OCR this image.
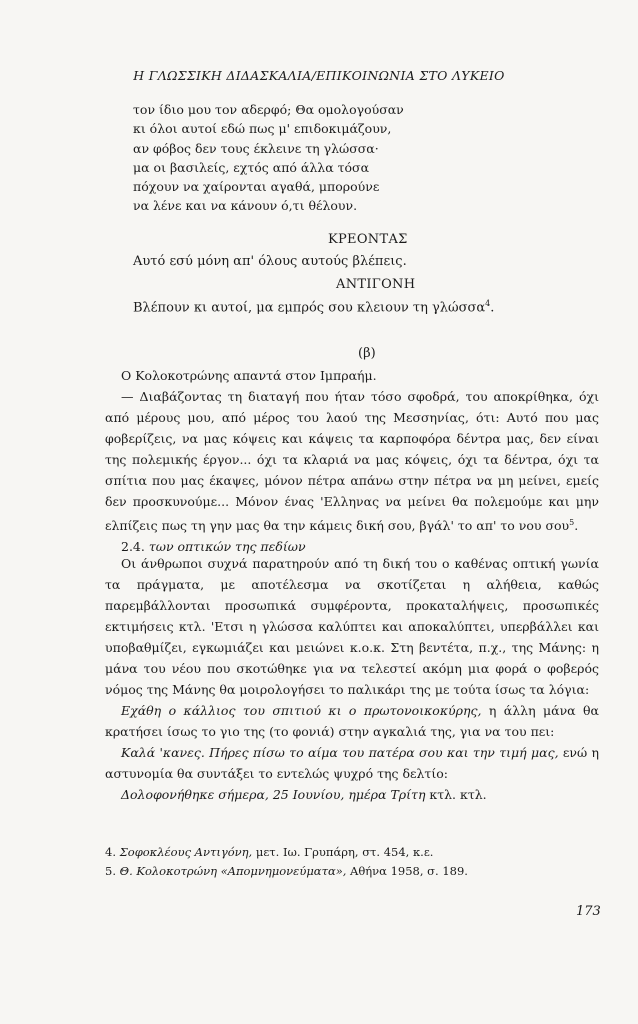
Η ΓΛΩΣΣΙΚΗ ΔΙΔΑΣΚΑΛΙΑ/ΕΠΙΚΟΙΝΩΝΙΑ ΣΤΟ ΛΥΚΕΙΟ

τον ίδιο μου τον αδερφό; Θα ομολογούσαν

κι όλοι αυτοί εδώ πως μ' επιδοκιμάζουν,

αν φόβος δεν τους έκλεινε τη γλώσσα·

μα οι βασιλείς, εχτός από άλλα τόσα

πόχουν να χαίρονται αγαθά, μπορούνε

να λένε και να κάνουν ό,τι θέλουν.

ΚΡΕΟΝΤΑΣ
Αυτό εσύ μόνη απ' όλους αυτούς βλέπεις.
ΑΝΤΙΓΟΝΗ
Βλέπουν κι αυτοί, μα εμπρός σου κλειουν τη γλώσσα$^4$.
(β)

Ο Κολοκοτρώνης απαντά στον Ιμπραήμ.

— Διαβάζοντας τη διαταγή που ήταν τόσο σφοδρά, του αποκρίθηκα, όχι από μέρους μου, από μέρος του λαού της Μεσσηνίας, ότι: Αυτό που μας φοβερίζεις, να μας κόψεις και κάψεις τα καρποφόρα δέντρα μας, δεν είναι της πολεμικής έργον... όχι τα κλαριά να μας κόψεις, όχι τα δέντρα, όχι τα σπίτια που μας έκαψες, μόνον πέτρα απάνω στην πέτρα να μη μείνει, εμείς δεν προσκυνούμε... Μόνον ένας 'Ελληνας να μείνει θα πολεμούμε και μην ελπίζεις πως τη γην μας θα την κάμεις δική σου, βγάλ' το απ' το νου σου$^5$.

2.4. των οπτικών της πεδίων

Οι άνθρωποι συχνά παρατηρούν από τη δική του ο καθένας οπτική γωνία τα πράγματα, με αποτέλεσμα να σκοτίζεται η αλήθεια, καθώς παρεμβάλλονται προσωπικά συμφέροντα, προκαταλήψεις, προσωπικές εκτιμήσεις κτλ. 'Ετσι η γλώσσα καλύπτει και αποκαλύπτει, υπερβάλλει και υποβαθμίζει, εγκωμιάζει και μειώνει κ.ο.κ. Στη βεντέτα, π.χ., της Μάνης: η μάνα του νέου που σκοτώθηκε για να τελεστεί ακόμη μια φορά ο φοβερός νόμος της Μάνης θα μοιρολογήσει το παλικάρι της με τούτα ίσως τα λόγια:

Εχάθη ο κάλλιος του σπιτιού κι ο πρωτονοικοκύρης, η άλλη μάνα θα κρατήσει ίσως το γιο της (το φονιά) στην αγκαλιά της, για να του πει:

Καλά 'κανες. Πήρες πίσω το αίμα του πατέρα σου και την τιμή μας, ενώ η αστυνομία θα συντάξει το εντελώς ψυχρό της δελτίο:

Δολοφονήθηκε σήμερα, 25 Ιουνίου, ημέρα Τρίτη κτλ. κτλ.

4. Σοφοκλέους Αντιγόνη, μετ. Ιω. Γρυπάρη, στ. 454, κ.ε.

5. Θ. Κολοκοτρώνη «Απομνημονεύματα», Αθήνα 1958, σ. 189.

173
